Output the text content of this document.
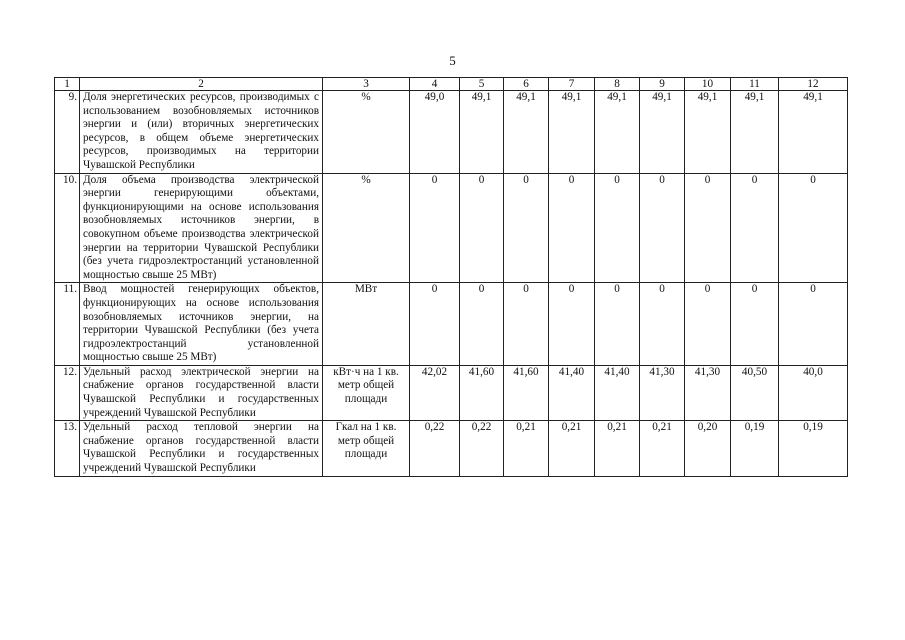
5
1	2	3	4	5	6	7	8	9	10	11	12
9.	Доля энергетических ресурсов, производимых с использованием возобновляемых источников энергии и (или) вторичных энергетических ресурсов, в общем объеме энергетических ресурсов, производимых на территории Чувашской Республики	%	49,0	49,1	49,1	49,1	49,1	49,1	49,1	49,1	49,1
10.	Доля объема производства электрической энергии генерирующими объектами, функционирующими на основе использования возобновляемых источников энергии, в совокупном объеме производства электрической энергии на территории Чувашской Республики (без учета гидроэлектростанций установленной мощностью свыше 25 МВт)	%	0	0	0	0	0	0	0	0	0
11.	Ввод мощностей генерирующих объектов, функционирующих на основе использования возобновляемых источников энергии, на территории Чувашской Республики (без учета гидроэлектростанций установленной мощностью свыше 25 МВт)	МВт	0	0	0	0	0	0	0	0	0
12.	Удельный расход электрической энергии на снабжение органов государственной власти Чувашской Республики и государственных учреждений Чувашской Республики	кВт·ч на 1 кв. метр общей площади	42,02	41,60	41,60	41,40	41,40	41,30	41,30	40,50	40,0
13.	Удельный расход тепловой энергии на снабжение органов государственной власти Чувашской Республики и государственных учреждений Чувашской Республики	Гкал на 1 кв. метр общей площади	0,22	0,22	0,21	0,21	0,21	0,21	0,20	0,19	0,19
